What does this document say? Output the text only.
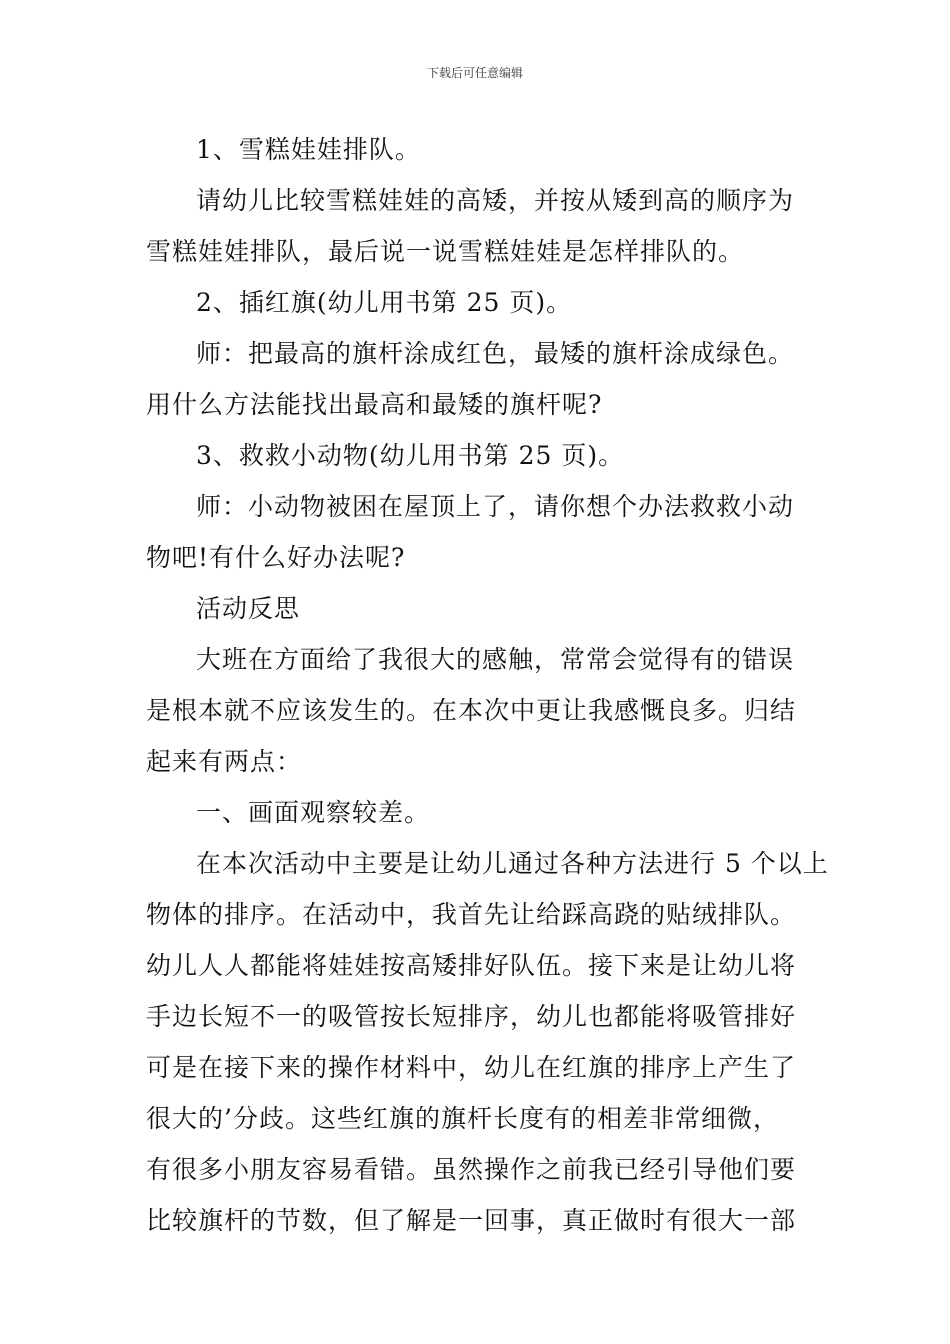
下载后可任意编辑
1、雪糕娃娃排队。
请幼儿比较雪糕娃娃的高矮，并按从矮到高的顺序为
雪糕娃娃排队，最后说一说雪糕娃娃是怎样排队的。
2、插红旗(幼儿用书第 25 页)。
师：把最高的旗杆涂成红色，最矮的旗杆涂成绿色。
用什么方法能找出最高和最矮的旗杆呢?
3、救救小动物(幼儿用书第 25 页)。
师：小动物被困在屋顶上了，请你想个办法救救小动
物吧!有什么好办法呢?
活动反思
大班在方面给了我很大的感触，常常会觉得有的错误
是根本就不应该发生的。在本次中更让我感慨良多。归结
起来有两点：
一、画面观察较差。
在本次活动中主要是让幼儿通过各种方法进行 5 个以上
物体的排序。在活动中，我首先让给踩高跷的贴绒排队。
幼儿人人都能将娃娃按高矮排好队伍。接下来是让幼儿将
手边长短不一的吸管按长短排序，幼儿也都能将吸管排好
可是在接下来的操作材料中，幼儿在红旗的排序上产生了
很大的’分歧。这些红旗的旗杆长度有的相差非常细微，
有很多小朋友容易看错。虽然操作之前我已经引导他们要
比较旗杆的节数，但了解是一回事，真正做时有很大一部
